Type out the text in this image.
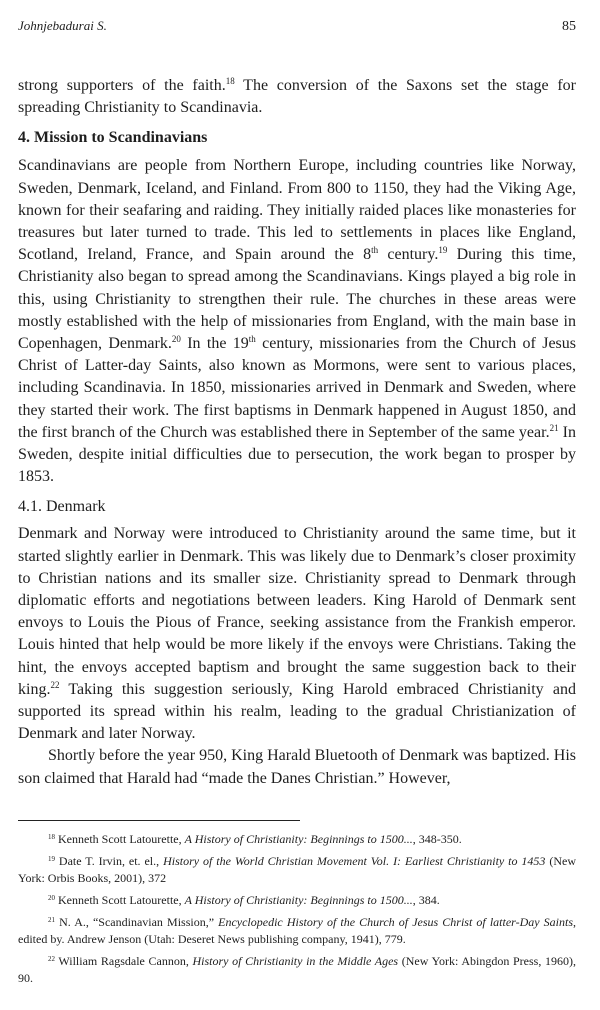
Johnjebadurai S.	85

strong supporters of the faith.$^{18}$ The conversion of the Saxons set the stage for spreading Christianity to Scandinavia.

4. Mission to Scandinavians

Scandinavians are people from Northern Europe, including countries like Norway, Sweden, Denmark, Iceland, and Finland. From 800 to 1150, they had the Viking Age, known for their seafaring and raiding. They initially raided places like monasteries for treasures but later turned to trade. This led to settlements in places like England, Scotland, Ireland, France, and Spain around the 8th century.$^{19}$ During this time, Christianity also began to spread among the Scandinavians. Kings played a big role in this, using Christianity to strengthen their rule. The churches in these areas were mostly established with the help of missionaries from England, with the main base in Copenhagen, Denmark.$^{20}$ In the 19th century, missionaries from the Church of Jesus Christ of Latter-day Saints, also known as Mormons, were sent to various places, including Scandinavia. In 1850, missionaries arrived in Denmark and Sweden, where they started their work. The first baptisms in Denmark happened in August 1850, and the first branch of the Church was established there in September of the same year.$^{21}$ In Sweden, despite initial difficulties due to persecution, the work began to prosper by 1853.

4.1. Denmark

Denmark and Norway were introduced to Christianity around the same time, but it started slightly earlier in Denmark. This was likely due to Denmark’s closer proximity to Christian nations and its smaller size. Christianity spread to Denmark through diplomatic efforts and negotiations between leaders. King Harold of Denmark sent envoys to Louis the Pious of France, seeking assistance from the Frankish emperor. Louis hinted that help would be more likely if the envoys were Christians. Taking the hint, the envoys accepted baptism and brought the same suggestion back to their king.$^{22}$ Taking this suggestion seriously, King Harold embraced Christianity and supported its spread within his realm, leading to the gradual Christianization of Denmark and later Norway.

Shortly before the year 950, King Harald Bluetooth of Denmark was baptized. His son claimed that Harald had “made the Danes Christian.” However,

$^{18}$ Kenneth Scott Latourette, A History of Christianity: Beginnings to 1500..., 348-350.

$^{19}$ Date T. Irvin, et. el., History of the World Christian Movement Vol. I: Earliest Christianity to 1453 (New York: Orbis Books, 2001), 372

$^{20}$ Kenneth Scott Latourette, A History of Christianity: Beginnings to 1500..., 384.

$^{21}$ N. A., “Scandinavian Mission,” Encyclopedic History of the Church of Jesus Christ of latter-Day Saints, edited by. Andrew Jenson (Utah: Deseret News publishing company, 1941), 779.

$^{22}$ William Ragsdale Cannon, History of Christianity in the Middle Ages (New York: Abingdon Press, 1960), 90.
